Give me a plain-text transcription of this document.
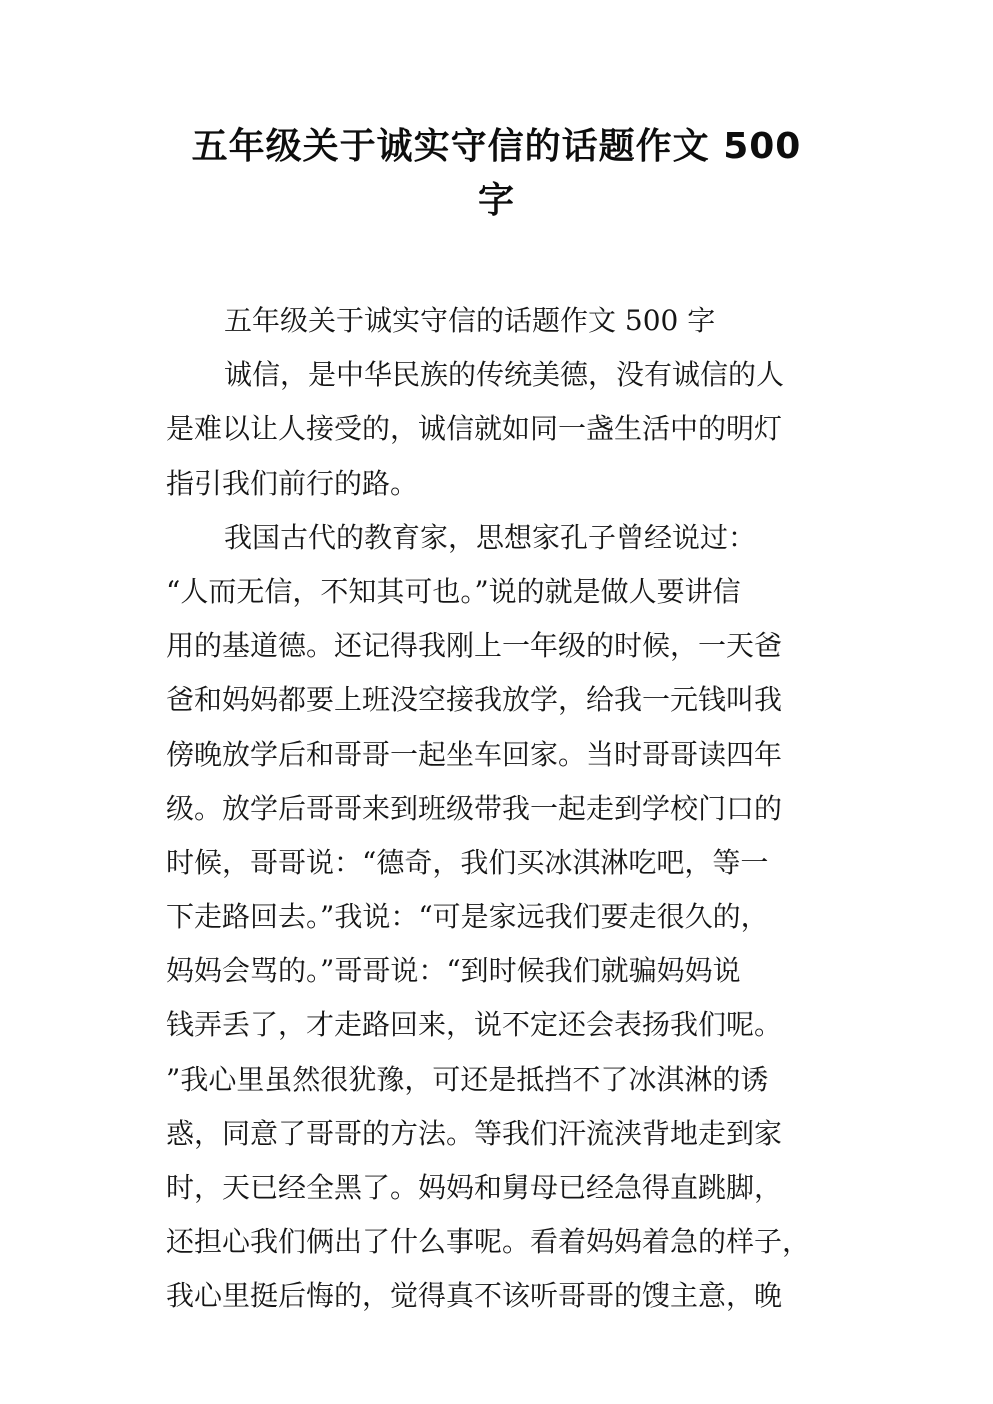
五年级关于诚实守信的话题作文 500
字
五年级关于诚实守信的话题作文 500 字
诚信，是中华民族的传统美德，没有诚信的人
是难以让人接受的，诚信就如同一盏生活中的明灯
指引我们前行的路。
我国古代的教育家，思想家孔子曾经说过：
“人而无信，不知其可也。”说的就是做人要讲信
用的基道德。还记得我刚上一年级的时候，一天爸
爸和妈妈都要上班没空接我放学，给我一元钱叫我
傍晚放学后和哥哥一起坐车回家。当时哥哥读四年
级。放学后哥哥来到班级带我一起走到学校门口的
时候，哥哥说：“德奇，我们买冰淇淋吃吧，等一
下走路回去。”我说：“可是家远我们要走很久的，
妈妈会骂的。”哥哥说：“到时候我们就骗妈妈说
钱弄丢了，才走路回来，说不定还会表扬我们呢。
”我心里虽然很犹豫，可还是抵挡不了冰淇淋的诱
惑，同意了哥哥的方法。等我们汗流浃背地走到家
时，天已经全黑了。妈妈和舅母已经急得直跳脚，
还担心我们俩出了什么事呢。看着妈妈着急的样子，
我心里挺后悔的，觉得真不该听哥哥的馊主意，晚
